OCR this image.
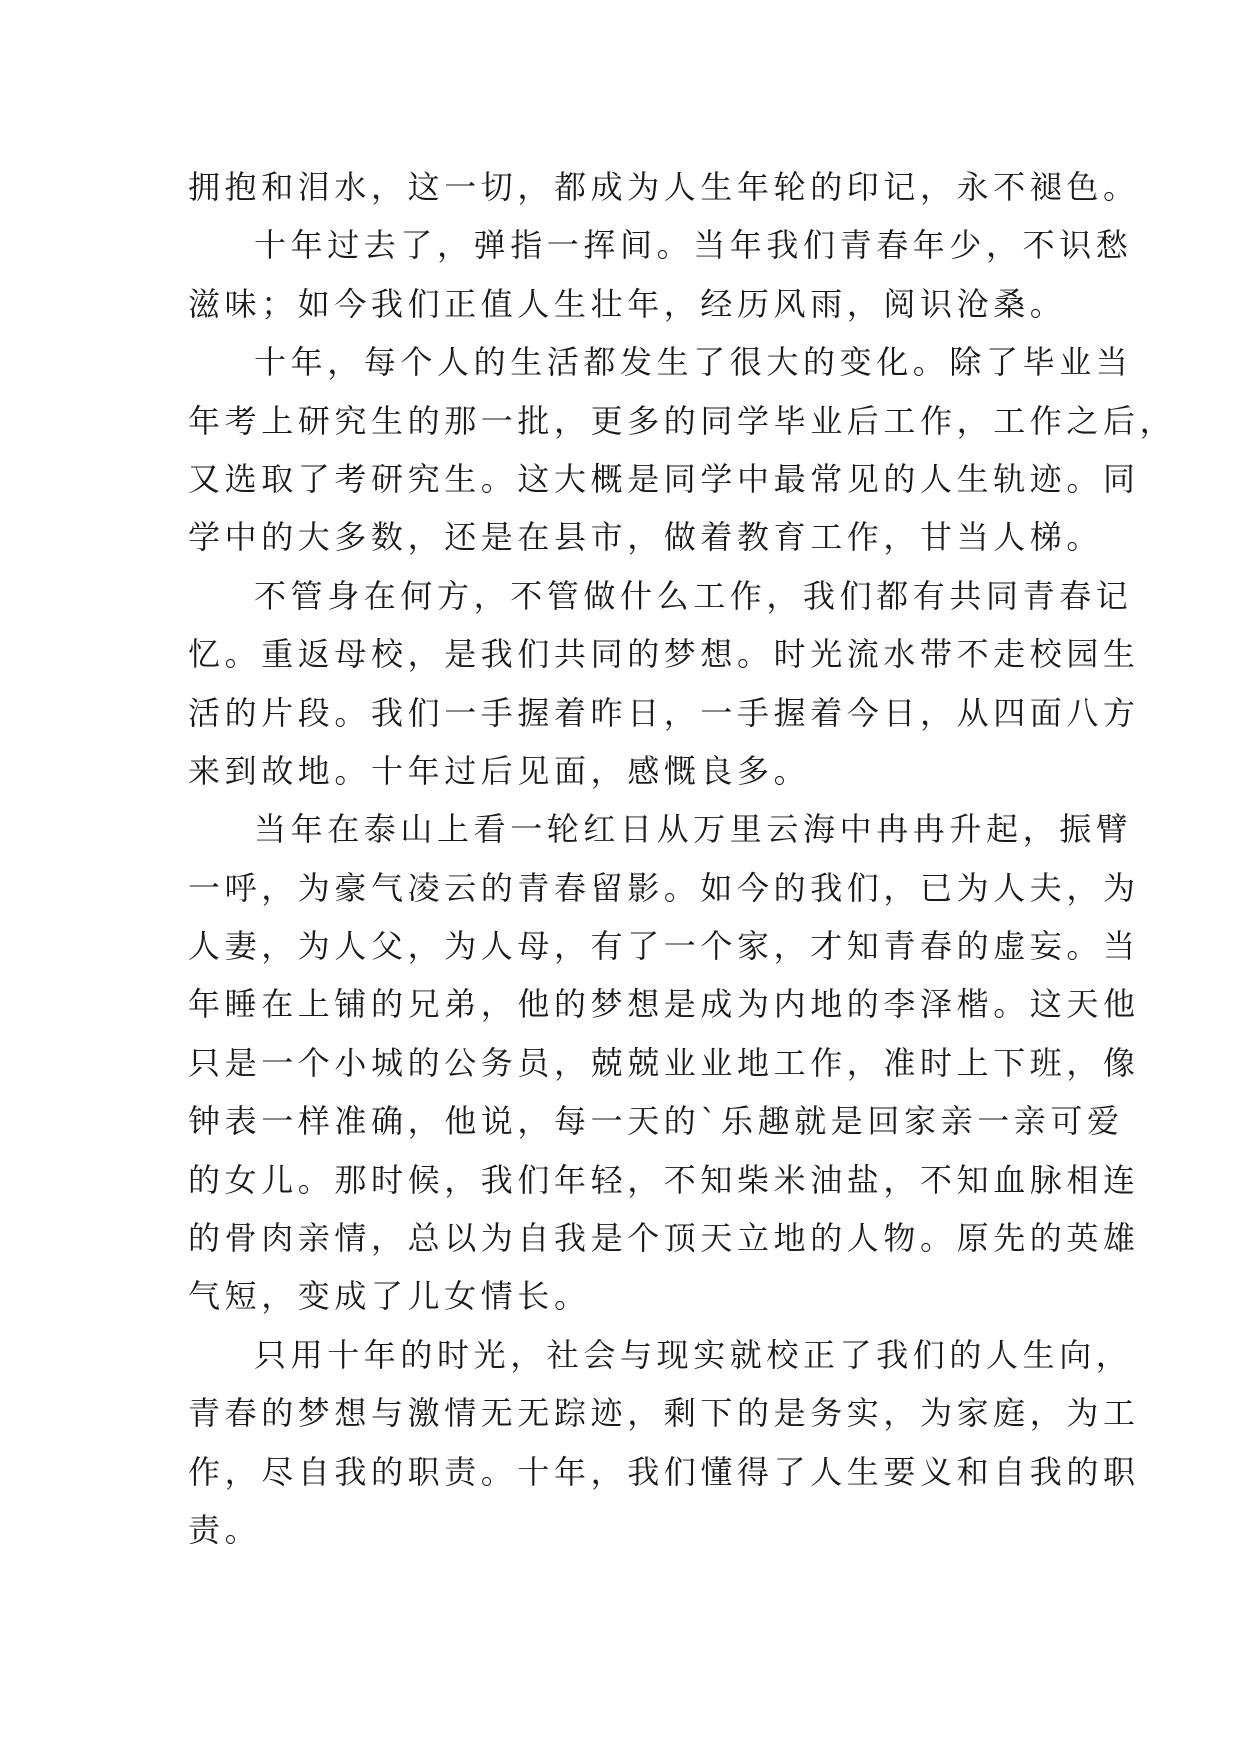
拥抱和泪水，这一切，都成为人生年轮的印记，永不褪色。
十年过去了，弹指一挥间。当年我们青春年少，不识愁
滋味；如今我们正值人生壮年，经历风雨，阅识沧桑。
十年，每个人的生活都发生了很大的变化。除了毕业当
年考上研究生的那一批，更多的同学毕业后工作，工作之后，
又选取了考研究生。这大概是同学中最常见的人生轨迹。同
学中的大多数，还是在县市，做着教育工作，甘当人梯。
不管身在何方，不管做什么工作，我们都有共同青春记
忆。重返母校，是我们共同的梦想。时光流水带不走校园生
活的片段。我们一手握着昨日，一手握着今日，从四面八方
来到故地。十年过后见面，感慨良多。
当年在泰山上看一轮红日从万里云海中冉冉升起，振臂
一呼，为豪气凌云的青春留影。如今的我们，已为人夫，为
人妻，为人父，为人母，有了一个家，才知青春的虚妄。当
年睡在上铺的兄弟，他的梦想是成为内地的李泽楷。这天他
只是一个小城的公务员，兢兢业业地工作，准时上下班，像
钟表一样准确，他说，每一天的`乐趣就是回家亲一亲可爱
的女儿。那时候，我们年轻，不知柴米油盐，不知血脉相连
的骨肉亲情，总以为自我是个顶天立地的人物。原先的英雄
气短，变成了儿女情长。
只用十年的时光，社会与现实就校正了我们的人生向，
青春的梦想与激情无无踪迹，剩下的是务实，为家庭，为工
作，尽自我的职责。十年，我们懂得了人生要义和自我的职
责。
